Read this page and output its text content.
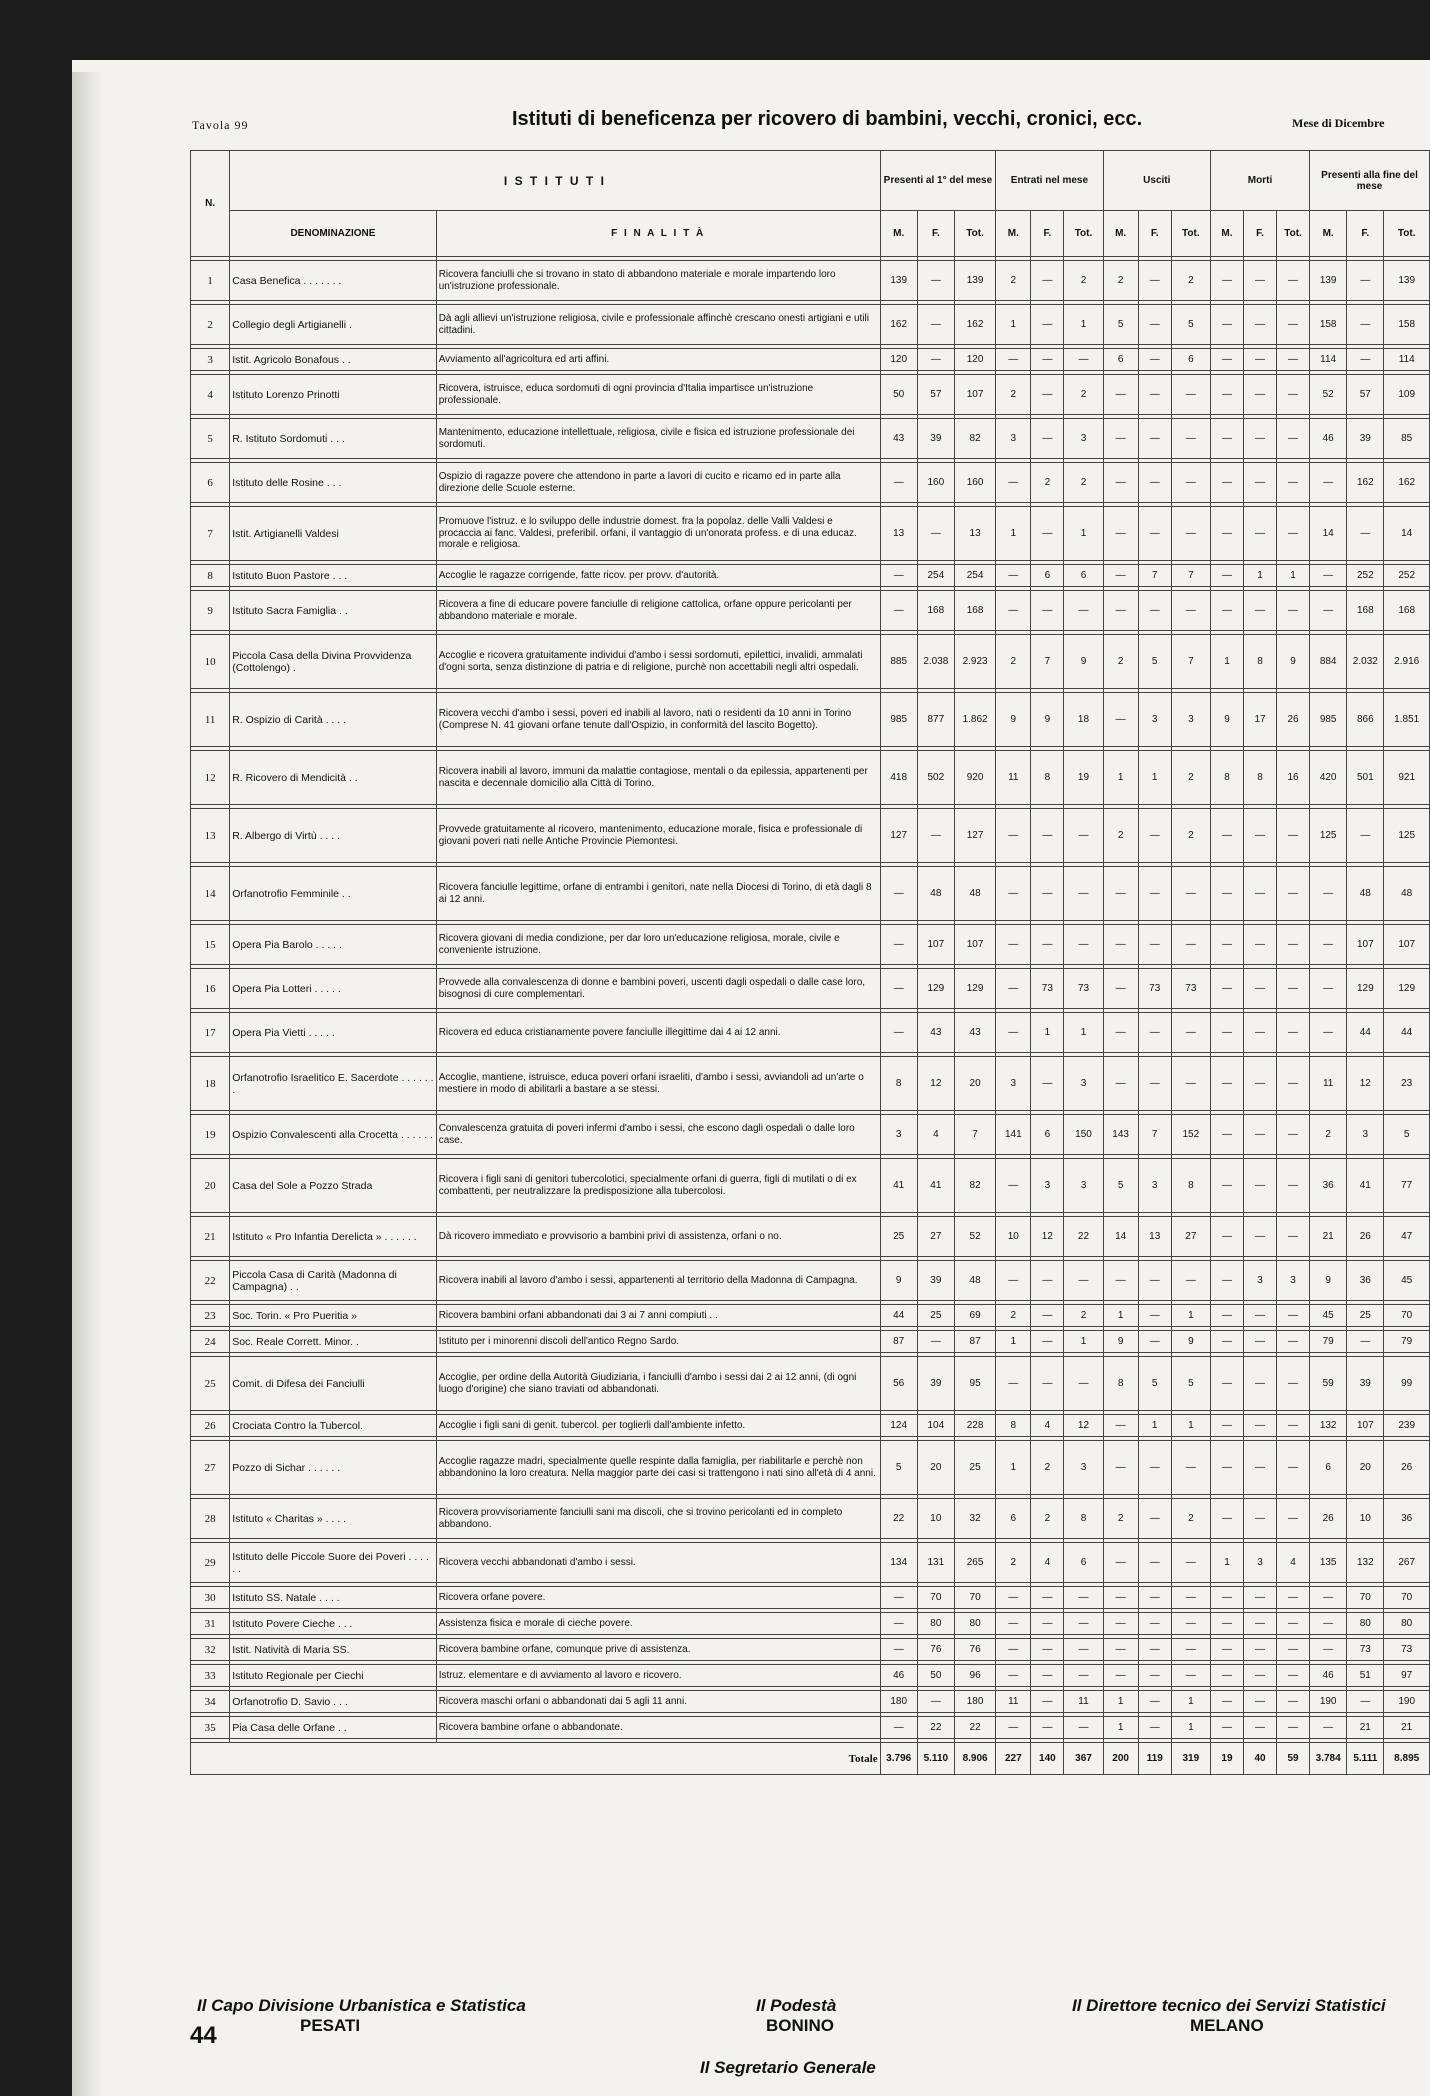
Tavola 99	Istituti di beneficenza per ricovero di bambini, vecchi, cronici, ecc.	Mese di Dicembre
N.	I S T I T U T I		Presenti al 1° del mese			Entrati nel mese			Usciti			Morti			Presenti alla fine del mese		
	DENOMINAZIONE	F I N A L I T À	M.	F.	Tot.	M.	F.	Tot.	M.	F.	Tot.	M.	F.	Tot.	M.	F.	Tot.

1	Casa Benefica . . . . . . .	Ricovera fanciulli che si trovano in stato di abbandono materiale e morale impartendo loro un'istruzione professionale.	139	—	139	2	—	2	2	—	2	—	—	—	139	—	139

2	Collegio degli Artigianelli .	Dà agli allievi un'istruzione religiosa, civile e professionale affinchè crescano onesti artigiani e utili cittadini.	162	—	162	1	—	1	5	—	5	—	—	—	158	—	158

3	Istit. Agricolo Bonafous . .	Avviamento all'agricoltura ed arti affini.	120	—	120	—	—	—	6	—	6	—	—	—	114	—	114

4	Istituto Lorenzo Prinotti	Ricovera, istruisce, educa sordomuti di ogni provincia d'Italia impartisce un'istruzione professionale.	50	57	107	2	—	2	—	—	—	—	—	—	52	57	109

5	R. Istituto Sordomuti . . .	Mantenimento, educazione intellettuale, religiosa, civile e fisica ed istruzione professionale dei sordomuti.	43	39	82	3	—	3	—	—	—	—	—	—	46	39	85

6	Istituto delle Rosine . . .	Ospizio di ragazze povere che attendono in parte a lavori di cucito e ricamo ed in parte alla direzione delle Scuole esterne.	—	160	160	—	2	2	—	—	—	—	—	—	—	162	162

7	Istit. Artigianelli Valdesi	Promuove l'istruz. e lo sviluppo delle industrie domest. fra la popolaz. delle Valli Valdesi e procaccia ai fanc. Valdesi, preferibil. orfani, il vantaggio di un'onorata profess. e di una educaz. morale e religiosa.	13	—	13	1	—	1	—	—	—	—	—	—	14	—	14

8	Istituto Buon Pastore . . .	Accoglie le ragazze corrigende, fatte ricov. per provv. d'autorità.	—	254	254	—	6	6	—	7	7	—	1	1	—	252	252

9	Istituto Sacra Famiglia . .	Ricovera a fine di educare povere fanciulle di religione cattolica, orfane oppure pericolanti per abbandono materiale e morale.	—	168	168	—	—	—	—	—	—	—	—	—	—	168	168

10	Piccola Casa della Divina Provvidenza (Cottolengo) .	Accoglie e ricovera gratuitamente individui d'ambo i sessi sordomuti, epilettici, invalidi, ammalati d'ogni sorta, senza distinzione di patria e di religione, purchè non accettabili negli altri ospedali.	885	2.038	2.923	2	7	9	2	5	7	1	8	9	884	2.032	2.916

11	R. Ospizio di Carità . . . .	Ricovera vecchi d'ambo i sessi, poveri ed inabili al lavoro, nati o residenti da 10 anni in Torino (Comprese N. 41 giovani orfane tenute dall'Ospizio, in conformità del lascito Bogetto).	985	877	1.862	9	9	18	—	3	3	9	17	26	985	866	1.851

12	R. Ricovero di Mendicità . .	Ricovera inabili al lavoro, immuni da malattie contagiose, mentali o da epilessia, appartenenti per nascita e decennale domicilio alla Città di Torino.	418	502	920	11	8	19	1	1	2	8	8	16	420	501	921

13	R. Albergo di Virtù . . . .	Provvede gratuitamente al ricovero, mantenimento, educazione morale, fisica e professionale di giovani poveri nati nelle Antiche Provincie Piemontesi.	127	—	127	—	—	—	2	—	2	—	—	—	125	—	125

14	Orfanotrofio Femminile . .	Ricovera fanciulle legittime, orfane di entrambi i genitori, nate nella Diocesi di Torino, di età dagli 8 ai 12 anni.	—	48	48	—	—	—	—	—	—	—	—	—	—	48	48

15	Opera Pia Barolo . . . . .	Ricovera giovani di media condizione, per dar loro un'educazione religiosa, morale, civile e conveniente istruzione.	—	107	107	—	—	—	—	—	—	—	—	—	—	107	107

16	Opera Pia Lotteri . . . . .	Provvede alla convalescenza di donne e bambini poveri, uscenti dagli ospedali o dalle case loro, bisognosi di cure complementari.	—	129	129	—	73	73	—	73	73	—	—	—	—	129	129

17	Opera Pia Vietti . . . . .	Ricovera ed educa cristianamente povere fanciulle illegittime dai 4 ai 12 anni.	—	43	43	—	1	1	—	—	—	—	—	—	—	44	44

18	Orfanotrofio Israelitico E. Sacerdote . . . . . . .	Accoglie, mantiene, istruisce, educa poveri orfani israeliti, d'ambo i sessi, avviandoli ad un'arte o mestiere in modo di abilitarli a bastare a se stessi.	8	12	20	3	—	3	—	—	—	—	—	—	11	12	23

19	Ospizio Convalescenti alla Crocetta . . . . . .	Convalescenza gratuita di poveri infermi d'ambo i sessi, che escono dagli ospedali o dalle loro case.	3	4	7	141	6	150	143	7	152	—	—	—	2	3	5

20	Casa del Sole a Pozzo Strada	Ricovera i figli sani di genitori tubercolotici, specialmente orfani di guerra, figli di mutilati o di ex combattenti, per neutralizzare la predisposizione alla tubercolosi.	41	41	82	—	3	3	5	3	8	—	—	—	36	41	77

21	Istituto « Pro Infantia Derelicta » . . . . . .	Dà ricovero immediato e provvisorio a bambini privi di assistenza, orfani o no.	25	27	52	10	12	22	14	13	27	—	—	—	21	26	47

22	Piccola Casa di Carità (Madonna di Campagna) . .	Ricovera inabili al lavoro d'ambo i sessi, appartenenti al territorio della Madonna di Campagna.	9	39	48	—	—	—	—	—	—	—	3	3	9	36	45

23	Soc. Torin. « Pro Pueritia »	Ricovera bambini orfani abbandonati dai 3 ai 7 anni compiuti . .	44	25	69	2	—	2	1	—	1	—	—	—	45	25	70

24	Soc. Reale Corrett. Minor. .	Istituto per i minorenni discoli dell'antico Regno Sardo.	87	—	87	1	—	1	9	—	9	—	—	—	79	—	79

25	Comit. di Difesa dei Fanciulli	Accoglie, per ordine della Autorità Giudiziaria, i fanciulli d'ambo i sessi dai 2 ai 12 anni, (di ogni luogo d'origine) che siano traviati od abbandonati.	56	39	95	—	—	—	8	5	5	—	—	—	59	39	99

26	Crociata Contro la Tubercol.	Accoglie i figli sani di genit. tubercol. per toglierli dall'ambiente infetto.	124	104	228	8	4	12	—	1	1	—	—	—	132	107	239

27	Pozzo di Sichar . . . . . .	Accoglie ragazze madri, specialmente quelle respinte dalla famiglia, per riabilitarle e perchè non abbandonino la loro creatura. Nella maggior parte dei casi si trattengono i nati sino all'età di 4 anni.	5	20	25	1	2	3	—	—	—	—	—	—	6	20	26

28	Istituto « Charitas » . . . .	Ricovera provvisoriamente fanciulli sani ma discoli, che si trovino pericolanti ed in completo abbandono.	22	10	32	6	2	8	2	—	2	—	—	—	26	10	36

29	Istituto delle Piccole Suore dei Poveri . . . . . .	Ricovera vecchi abbandonati d'ambo i sessi.	134	131	265	2	4	6	—	—	—	1	3	4	135	132	267

30	Istituto SS. Natale . . . .	Ricovera orfane povere.	—	70	70	—	—	—	—	—	—	—	—	—	—	70	70

31	Istituto Povere Cieche . . .	Assistenza fisica e morale di cieche povere.	—	80	80	—	—	—	—	—	—	—	—	—	—	80	80

32	Istit. Natività di Maria SS.	Ricovera bambine orfane, comunque prive di assistenza.	—	76	76	—	—	—	—	—	—	—	—	—	—	73	73

33	Istituto Regionale per Ciechi	Istruz. elementare e di avviamento al lavoro e ricovero.	46	50	96	—	—	—	—	—	—	—	—	—	46	51	97

34	Orfanotrofio D. Savio . . .	Ricovera maschi orfani o abbandonati dai 5 agli 11 anni.	180	—	180	11	—	11	1	—	1	—	—	—	190	—	190

35	Pia Casa delle Orfane . .	Ricovera bambine orfane o abbandonate.	—	22	22	—	—	—	1	—	1	—	—	—	—	21	21

Totale			3.796	5.110	8.906	227	140	367	200	119	319	19	40	59	3.784	5.111	8.895
Il Capo Divisione Urbanistica e Statistica
PESATI
Il Podestà
BONINO
Il Segretario Generale
Il Direttore tecnico dei Servizi Statistici
MELANO
44
